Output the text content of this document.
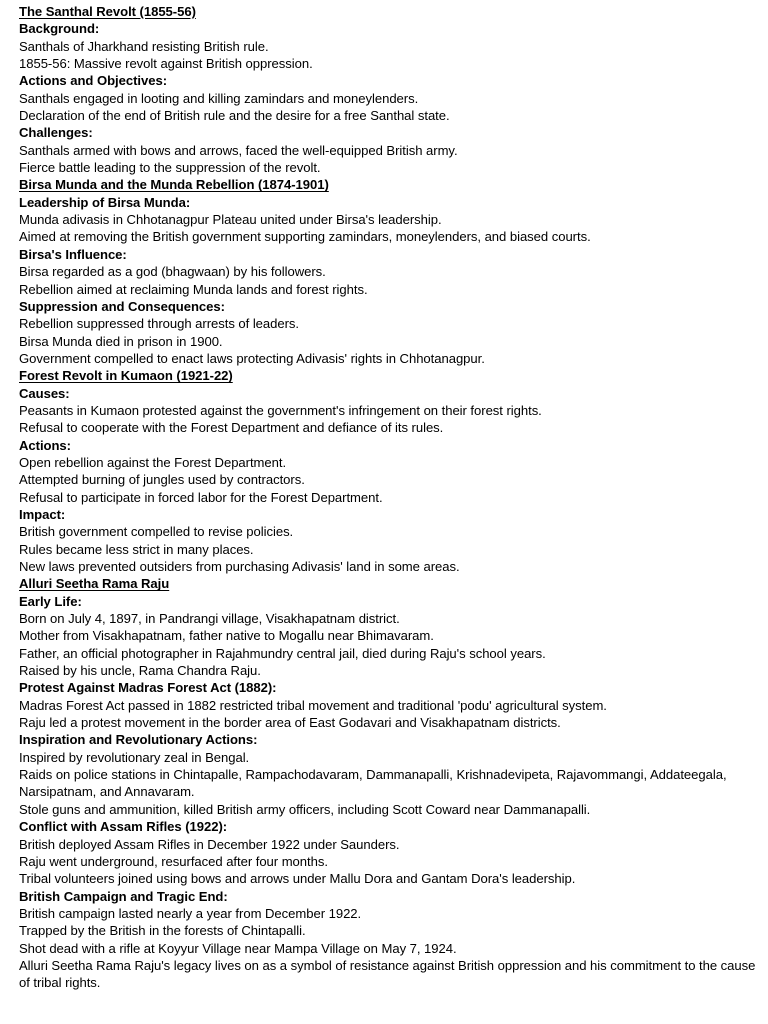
The Santhal Revolt (1855-56)

Background:

Santhals of Jharkhand resisting British rule.

1855-56: Massive revolt against British oppression.

Actions and Objectives:

Santhals engaged in looting and killing zamindars and moneylenders.

Declaration of the end of British rule and the desire for a free Santhal state.

Challenges:

Santhals armed with bows and arrows, faced the well-equipped British army.

Fierce battle leading to the suppression of the revolt.

Birsa Munda and the Munda Rebellion (1874-1901)

Leadership of Birsa Munda:

Munda adivasis in Chhotanagpur Plateau united under Birsa's leadership.

Aimed at removing the British government supporting zamindars, moneylenders, and biased courts.

Birsa's Influence:

Birsa regarded as a god (bhagwaan) by his followers.

Rebellion aimed at reclaiming Munda lands and forest rights.

Suppression and Consequences:

Rebellion suppressed through arrests of leaders.

Birsa Munda died in prison in 1900.

Government compelled to enact laws protecting Adivasis' rights in Chhotanagpur.

Forest Revolt in Kumaon (1921-22)

Causes:

Peasants in Kumaon protested against the government's infringement on their forest rights.

Refusal to cooperate with the Forest Department and defiance of its rules.

Actions:

Open rebellion against the Forest Department.

Attempted burning of jungles used by contractors.

Refusal to participate in forced labor for the Forest Department.

Impact:

British government compelled to revise policies.

Rules became less strict in many places.

New laws prevented outsiders from purchasing Adivasis' land in some areas.

Alluri Seetha Rama Raju

Early Life:

Born on July 4, 1897, in Pandrangi village, Visakhapatnam district.

Mother from Visakhapatnam, father native to Mogallu near Bhimavaram.

Father, an official photographer in Rajahmundry central jail, died during Raju's school years.

Raised by his uncle, Rama Chandra Raju.

Protest Against Madras Forest Act (1882):

Madras Forest Act passed in 1882 restricted tribal movement and traditional 'podu' agricultural system.

Raju led a protest movement in the border area of East Godavari and Visakhapatnam districts.

Inspiration and Revolutionary Actions:

Inspired by revolutionary zeal in Bengal.

Raids on police stations in Chintapalle, Rampachodavaram, Dammanapalli, Krishnadevipeta, Rajavommangi, Addateegala, Narsipatnam, and Annavaram.

Stole guns and ammunition, killed British army officers, including Scott Coward near Dammanapalli.

Conflict with Assam Rifles (1922):

British deployed Assam Rifles in December 1922 under Saunders.

Raju went underground, resurfaced after four months.

Tribal volunteers joined using bows and arrows under Mallu Dora and Gantam Dora's leadership.

British Campaign and Tragic End:

British campaign lasted nearly a year from December 1922.

Trapped by the British in the forests of Chintapalli.

Shot dead with a rifle at Koyyur Village near Mampa Village on May 7, 1924.

Alluri Seetha Rama Raju's legacy lives on as a symbol of resistance against British oppression and his commitment to the cause of tribal rights.
